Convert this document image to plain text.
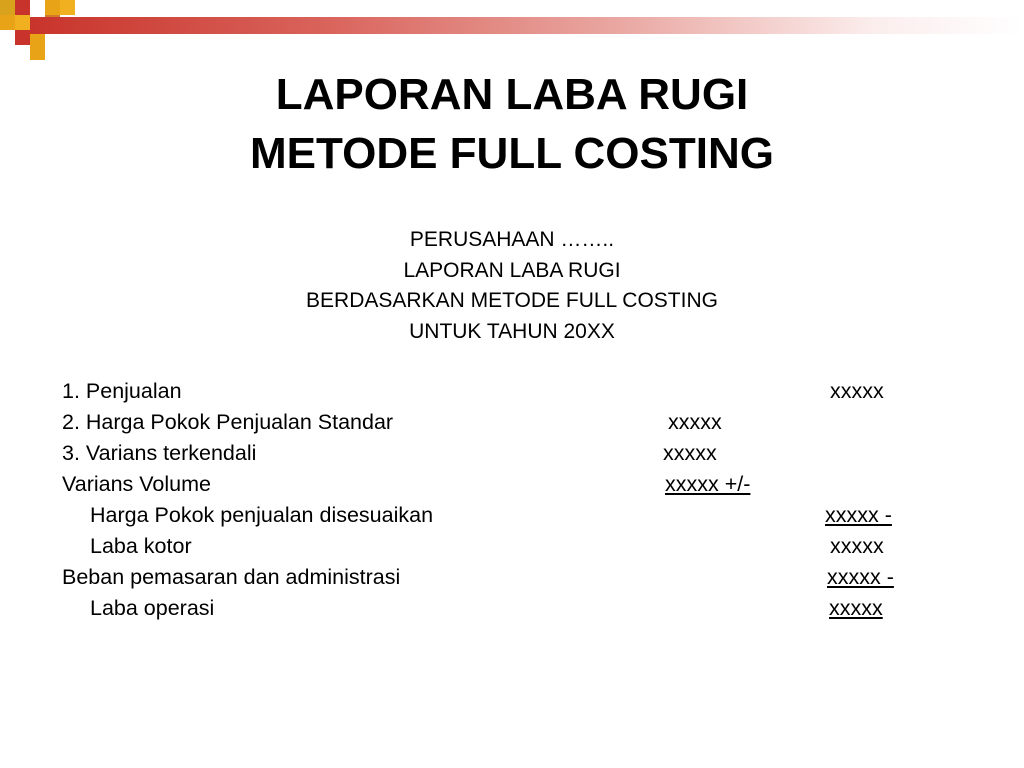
LAPORAN LABA RUGI
METODE FULL COSTING
PERUSAHAAN ……..
LAPORAN LABA RUGI
BERDASARKAN METODE FULL COSTING
UNTUK TAHUN 20XX
1. Penjualan
2. Harga Pokok Penjualan Standar
3. Varians terkendali
Varians Volume
Harga Pokok penjualan disesuaikan
Laba kotor
Beban pemasaran dan administrasi
Laba operasi
xxxxx
xxxxx
xxxxx
xxxxx +/-
xxxxx -
xxxxx
xxxxx -
xxxxx
